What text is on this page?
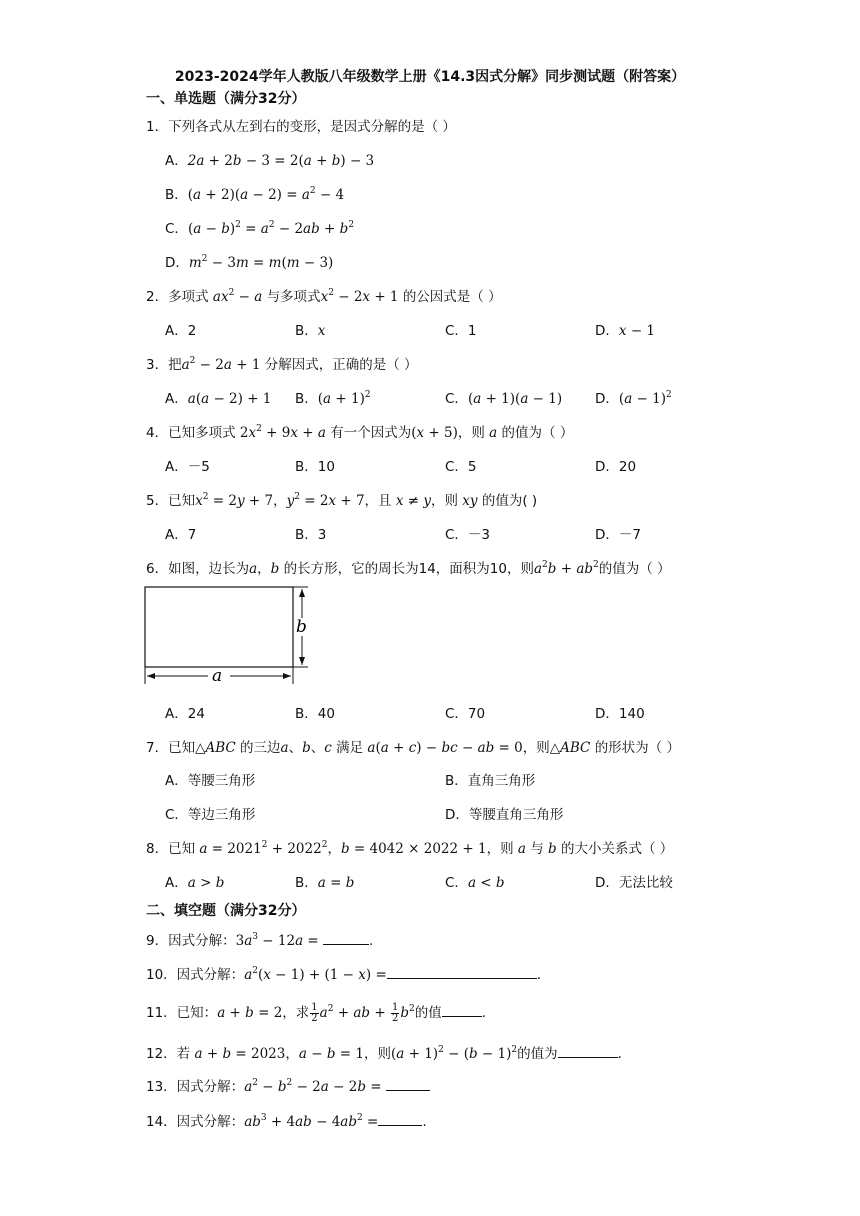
2023-2024学年人教版八年级数学上册《14.3因式分解》同步测试题（附答案）
一、单选题（满分32分）
1．下列各式从左到右的变形，是因式分解的是（ ）
A．2a + 2b − 3 = 2(a + b) − 3
B．$(a + 2)(a - 2) = a^2 - 4$
C．$(a - b)^2 = a^2 - 2ab + b^2$
D．$m^2 - 3m = m(m - 3)$
2．多项式 $ax^2 - a$ 与多项式$x^2 - 2x + 1$ 的公因式是（ ）
A．2	B．x	C．1	D．x − 1
3．把$a^2 - 2a + 1$ 分解因式，正确的是（ ）
A．a(a − 2) + 1 B．$(a + 1)^2$	C．(a + 1)(a − 1) D．$(a - 1)^2$
4．已知多项式 $2x^2 + 9x + a$ 有一个因式为(x + 5)，则 a 的值为（ ）
A．－5	B．10	C．5	D．20
5．已知$x^2 = 2y + 7$，$y^2 = 2x + 7$，且 x ≠ y，则 xy 的值为( )
A．7	B．3	C．－3	D．－7
6．如图，边长为a，b 的长方形，它的周长为14，面积为10，则$a^2b + ab^2$的值为（ ）
a
b
A．24	B．40	C．70	D．140
7．已知△ABC 的三边a、b、c 满足 a(a + c) − bc − ab = 0，则△ABC 的形状为（ ）
A．等腰三角形	B．直角三角形
C．等边三角形	D．等腰直角三角形
8．已知 $a = 2021^2 + 2022^2$，b = 4042 × 2022 + 1，则 a 与 b 的大小关系式（ ）
A．a > b	B．a = b	C．a < b	D．无法比较
二、填空题（满分32分）
9．因式分解：$3a^3 - 12a$ =	.
10．因式分解：$a^2(x - 1) + (1 - x)$ =	.
11．已知：a + b = 2，求 $\frac{1}{2} a^2$ + ab + $\frac{1}{2} b^2$的值	.
12．若 a + b = 2023，a − b = 1，则$(a + 1)^2 - (b - 1)^2$的值为	.
13．因式分解：$a^2 - b^2 - 2a - 2b$ =
14．因式分解：$ab^3 + 4ab - 4ab^2$ =	.
